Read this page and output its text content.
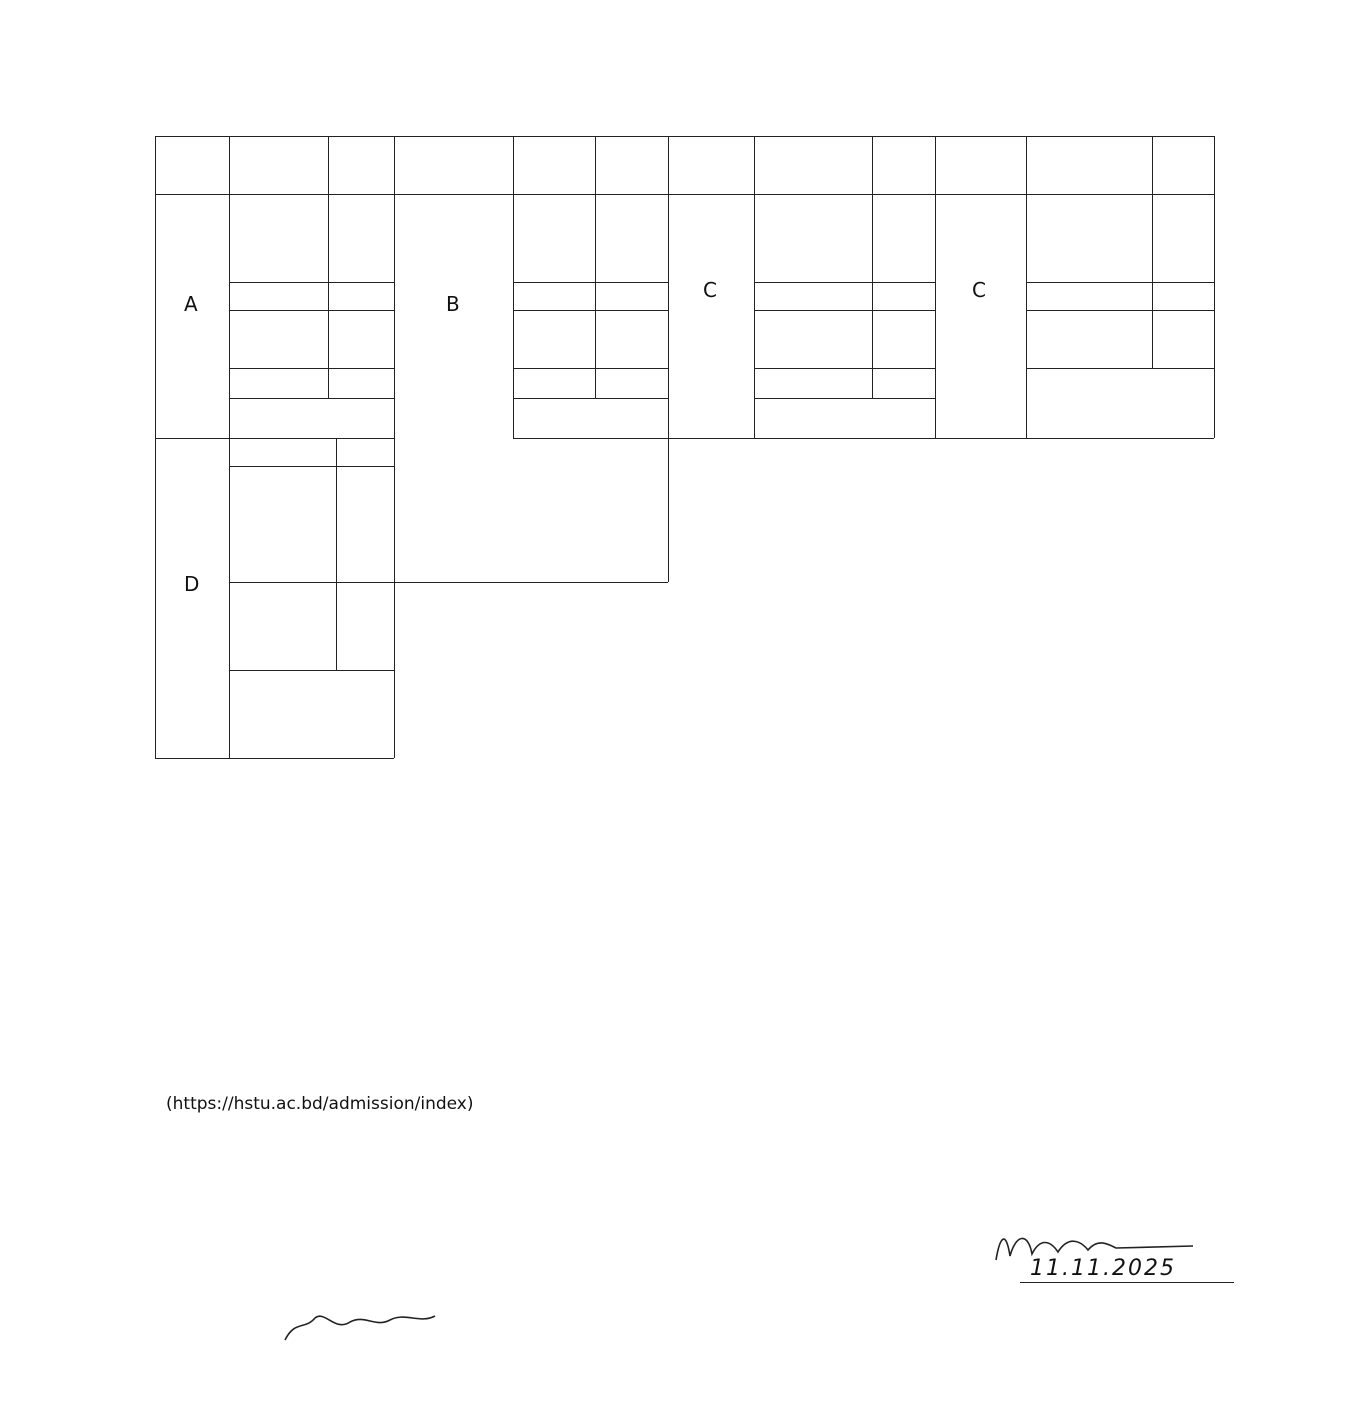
A	B
C	C
D
(https://hstu.ac.bd/admission/index)
11.11.2025
